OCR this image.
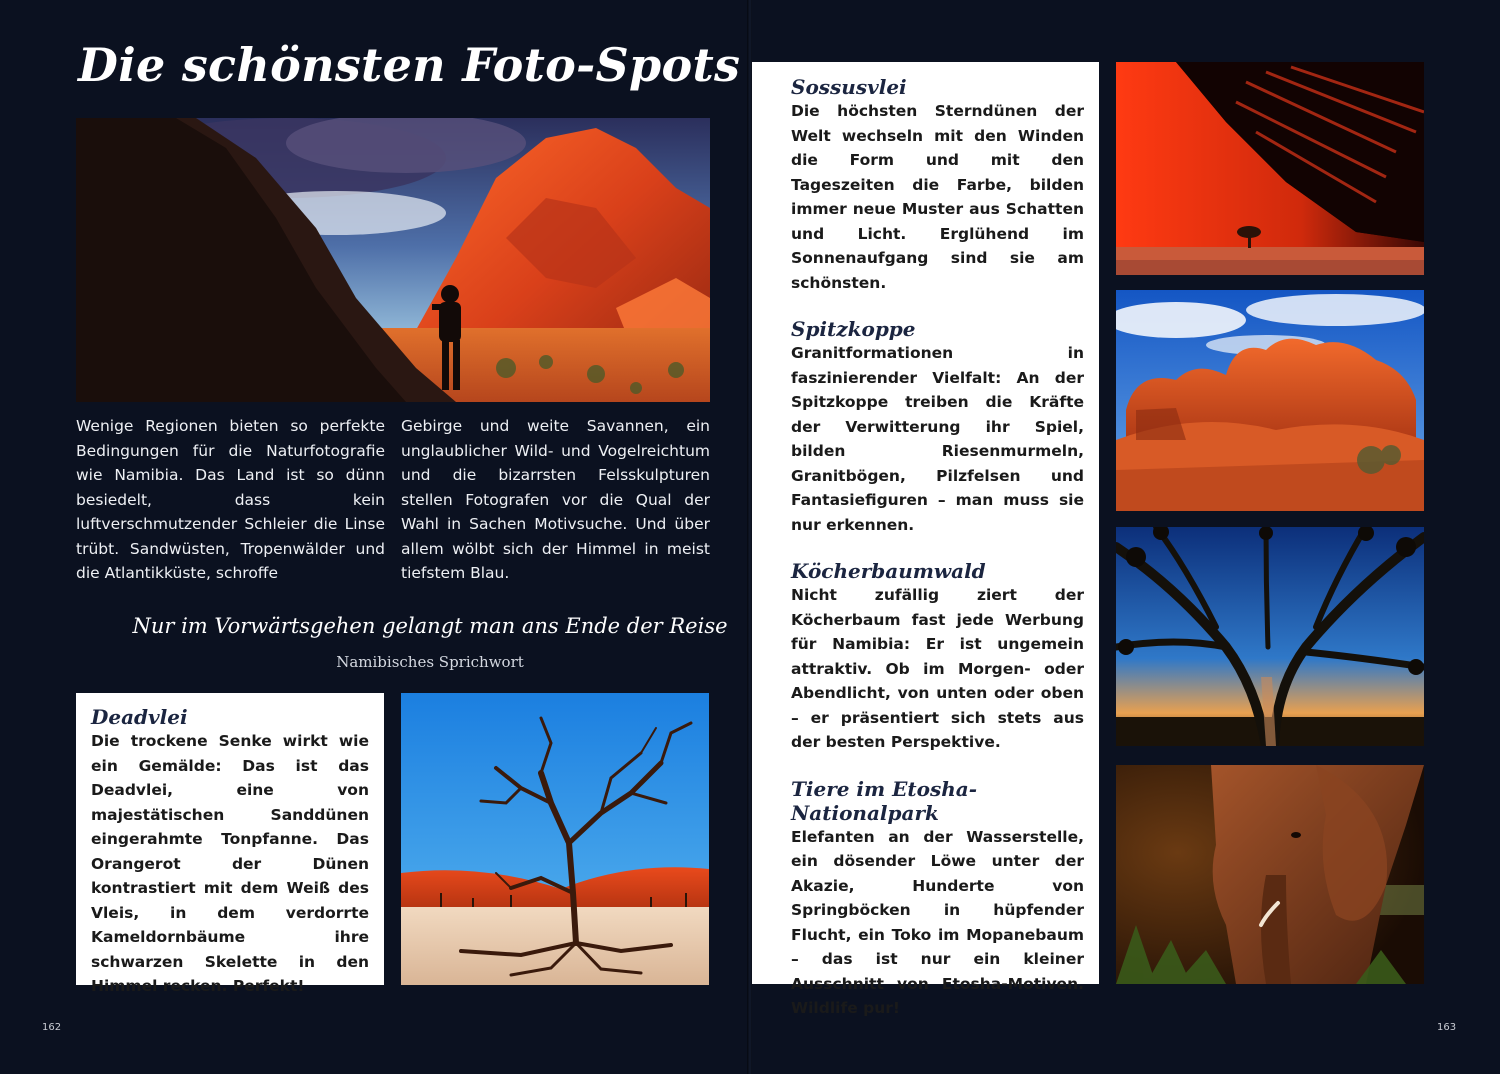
Die schönsten Foto-Spots

Wenige Regionen bieten so perfekte Bedingungen für die Naturfotografie wie Namibia. Das Land ist so dünn besiedelt, dass kein luftverschmutzender Schleier die Linse trübt. Sandwüsten, Tropenwälder und die Atlantikküste, schroffe

Gebirge und weite Savannen, ein unglaublicher Wild- und Vogelreichtum und die bizarrsten Felsskulpturen stellen Fotografen vor die Qual der Wahl in Sachen Motivsuche. Und über allem wölbt sich der Himmel in meist tiefstem Blau.

Nur im Vorwärtsgehen gelangt man ans Ende der Reise

Namibisches Sprichwort

Deadvlei

Die trockene Senke wirkt wie ein Gemälde: Das ist das Deadvlei, eine von majestätischen Sanddünen eingerahmte Tonpfanne. Das Orangerot der Dünen kontrastiert mit dem Weiß des Vleis, in dem verdorrte Kameldornbäume ihre schwarzen Skelette in den Himmel recken. Perfekt!

162
Sossusvlei

Die höchsten Sterndünen der Welt wechseln mit den Winden die Form und mit den Tageszeiten die Farbe, bilden immer neue Muster aus Schatten und Licht. Erglühend im Sonnenaufgang sind sie am schönsten.

Spitzkoppe

Granitformationen in faszinierender Vielfalt: An der Spitzkoppe treiben die Kräfte der Verwitterung ihr Spiel, bilden Riesenmurmeln, Granitbögen, Pilzfelsen und Fantasiefiguren – man muss sie nur erkennen.

Köcherbaumwald

Nicht zufällig ziert der Köcherbaum fast jede Werbung für Namibia: Er ist ungemein attraktiv. Ob im Morgen- oder Abendlicht, von unten oder oben – er präsentiert sich stets aus der besten Perspektive.

Tiere im Etosha-Nationalpark

Elefanten an der Wasserstelle, ein dösender Löwe unter der Akazie, Hunderte von Springböcken in hüpfender Flucht, ein Toko im Mopanebaum – das ist nur ein kleiner Ausschnitt von Etosha-Motiven. Wildlife pur!

163
